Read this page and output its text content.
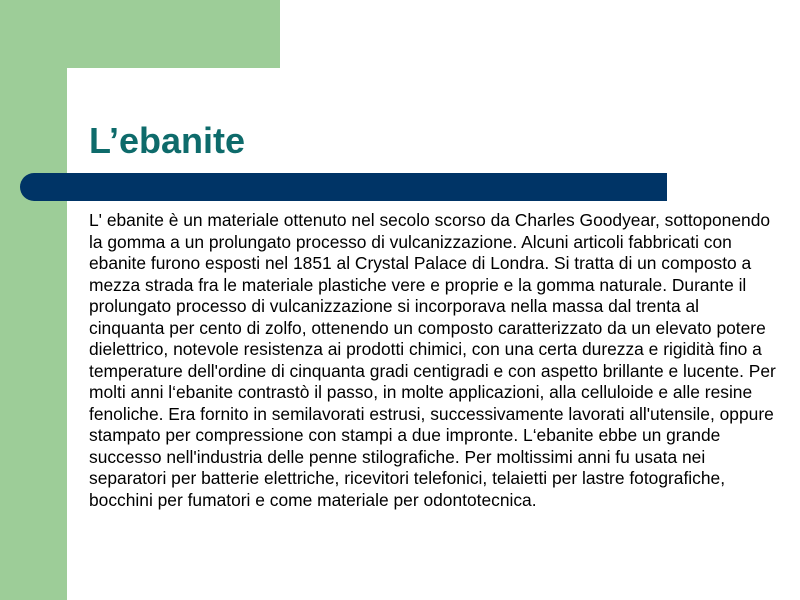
L’ebanite

L' ebanite è un materiale ottenuto nel secolo scorso da Charles Goodyear, sottoponendo la gomma a un prolungato processo di vulcanizzazione. Alcuni articoli fabbricati con ebanite furono esposti nel 1851 al Crystal Palace di Londra. Si tratta di un composto a mezza strada fra le materiale plastiche vere e proprie e la gomma naturale. Durante il prolungato processo di vulcanizzazione si incorporava nella massa dal trenta al cinquanta per cento di zolfo, ottenendo un composto caratterizzato da un elevato potere dielettrico, notevole resistenza ai prodotti chimici, con una certa durezza e rigidità fino a temperature dell'ordine di cinquanta gradi centigradi e con aspetto brillante e lucente. Per molti anni l‘ebanite contrastò il passo, in molte applicazioni, alla celluloide e alle resine fenoliche. Era fornito in semilavorati estrusi, successivamente lavorati all'utensile, oppure stampato per compressione con stampi a due impronte. L‘ebanite ebbe un grande successo nell'industria delle penne stilografiche. Per moltissimi anni fu usata nei separatori per batterie elettriche, ricevitori telefonici, telaietti per lastre fotografiche, bocchini per fumatori e come materiale per odontotecnica.
